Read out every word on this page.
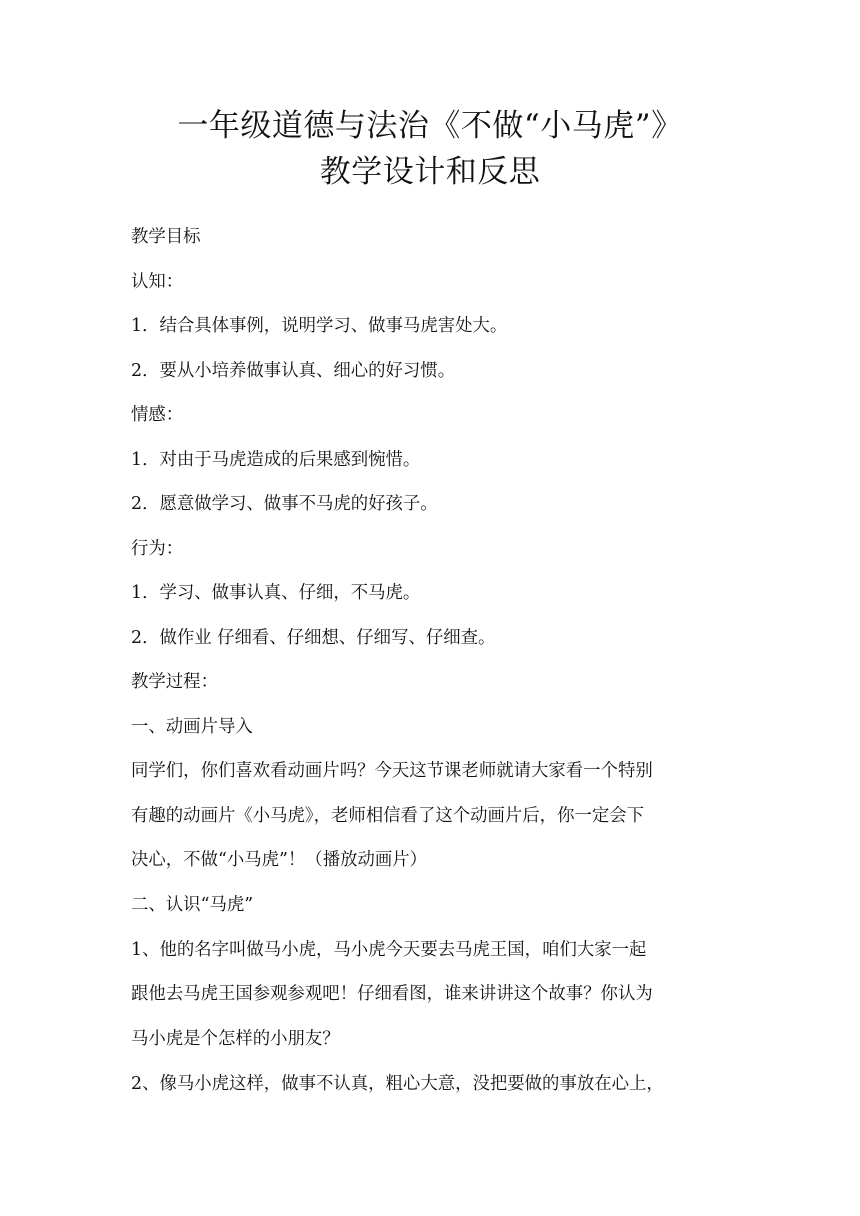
一年级道德与法治《不做“小马虎”》
教学设计和反思
教学目标
认知：
1．结合具体事例，说明学习、做事马虎害处大。
2．要从小培养做事认真、细心的好习惯。
情感：
1．对由于马虎造成的后果感到惋惜。
2．愿意做学习、做事不马虎的好孩子。
行为：
1．学习、做事认真、仔细，不马虎。
2．做作业 仔细看、仔细想、仔细写、仔细查。
教学过程：
一、动画片导入
同学们，你们喜欢看动画片吗？今天这节课老师就请大家看一个特别
有趣的动画片《小马虎》，老师相信看了这个动画片后，你一定会下
决心，不做“小马虎”！（播放动画片）
二、认识“马虎”
1、他的名字叫做马小虎，马小虎今天要去马虎王国，咱们大家一起
跟他去马虎王国参观参观吧！仔细看图，谁来讲讲这个故事？你认为
马小虎是个怎样的小朋友？
2、像马小虎这样，做事不认真，粗心大意，没把要做的事放在心上，
